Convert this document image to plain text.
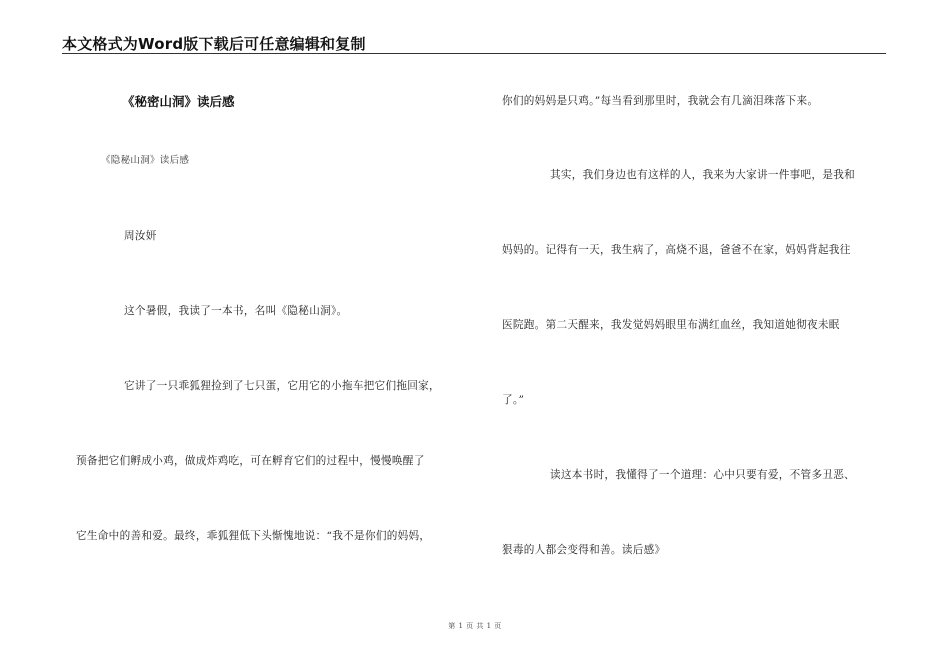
本文格式为Word版下载后可任意编辑和复制
《秘密山洞》读后感
《隐秘山洞》读后感
周汝妍
这个暑假，我读了一本书，名叫《隐秘山洞》。
它讲了一只乖狐狸捡到了七只蛋，它用它的小拖车把它们拖回家，
预备把它们孵成小鸡，做成炸鸡吃，可在孵育它们的过程中，慢慢唤醒了
它生命中的善和爱。最终，乖狐狸低下头惭愧地说：“我不是你们的妈妈，
你们的妈妈是只鸡。”每当看到那里时，我就会有几滴泪珠落下来。
其实，我们身边也有这样的人，我来为大家讲一件事吧，是我和
妈妈的。记得有一天，我生病了，高烧不退，爸爸不在家，妈妈背起我往
医院跑。第二天醒来，我发觉妈妈眼里布满红血丝，我知道她彻夜未眠
了。”
读这本书时，我懂得了一个道理：心中只要有爱，不管多丑恶、
狠毒的人都会变得和善。读后感》
第 1 页 共 1 页
